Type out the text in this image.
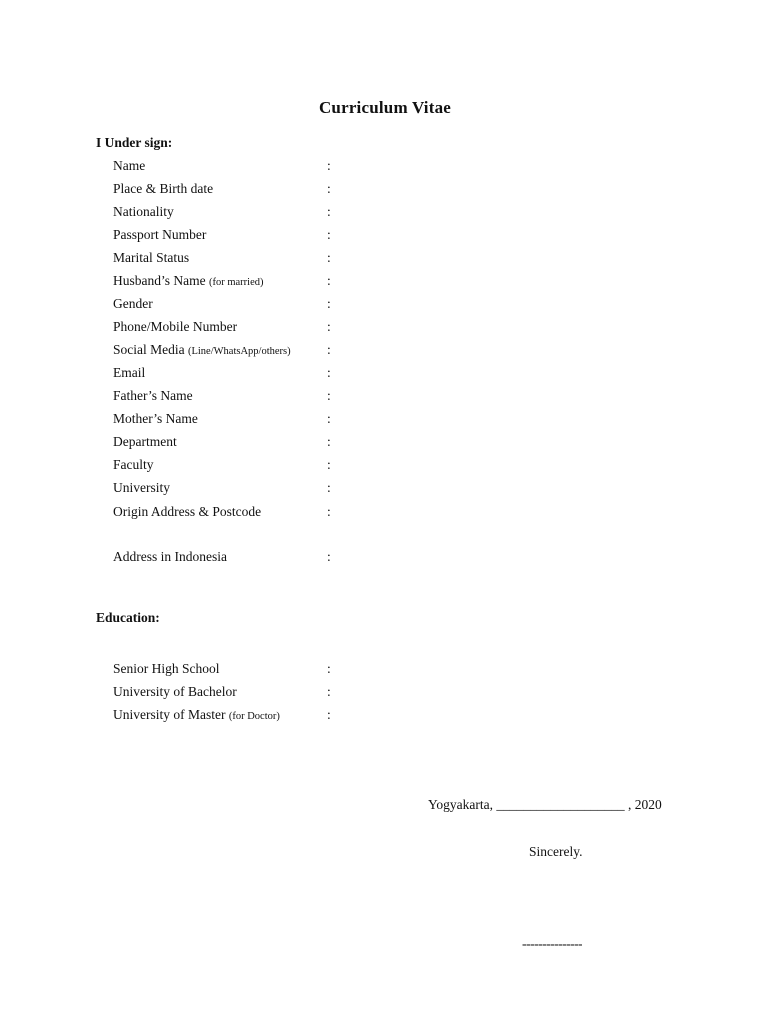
Curriculum Vitae
I Under sign:
Name	:
Place & Birth date	:
Nationality	:
Passport Number	:
Marital Status	:
Husband’s Name (for married)	:
Gender	:
Phone/Mobile Number	:
Social Media (Line/WhatsApp/others)	:
Email	:
Father’s Name	:
Mother’s Name	:
Department	:
Faculty	:
University	:
Origin Address & Postcode	:
Address in Indonesia	:
Education:
Senior High School	:
University of Bachelor	:
University of Master (for Doctor)	:
Yogyakarta, ___________________ , 2020
Sincerely.
---------------
